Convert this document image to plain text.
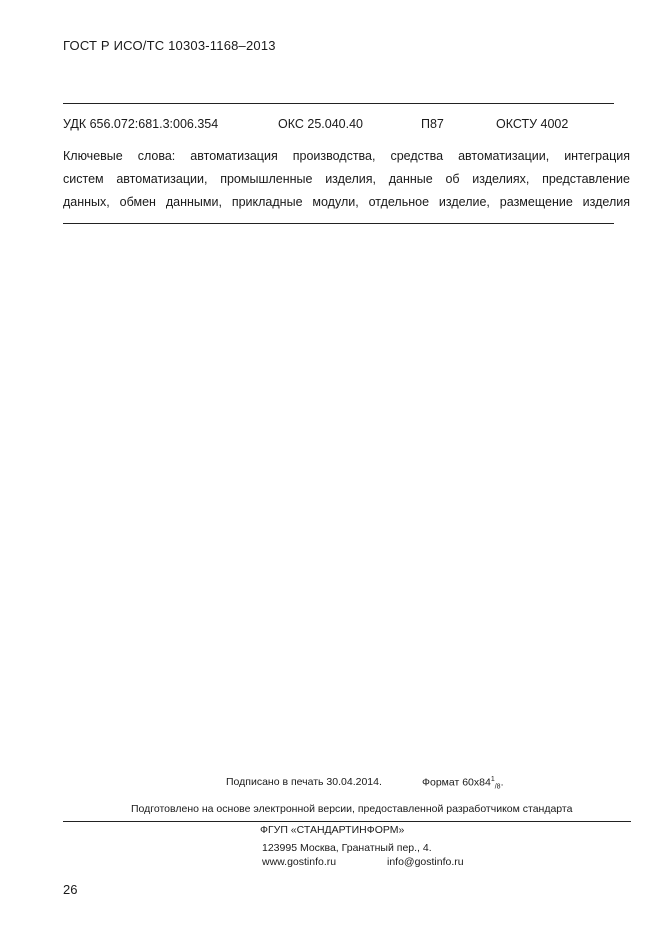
ГОСТ Р ИСО/ТС 10303-1168–2013
УДК 656.072:681.3:006.354	ОКС 25.040.40	П87	ОКСТУ 4002
Ключевые слова: автоматизация производства, средства автоматизации, интеграция
систем автоматизации, промышленные изделия, данные об изделиях, представление
данных, обмен данными, прикладные модули, отдельное изделие, размещение изделия
Подписано в печать 30.04.2014.	Формат $60x84^1_{/8}$.
Подготовлено на основе электронной версии, предоставленной разработчиком стандарта
ФГУП «СТАНДАРТИНФОРМ»
123995 Москва, Гранатный пер., 4.
www.gostinfo.ru	info@gostinfo.ru
26
